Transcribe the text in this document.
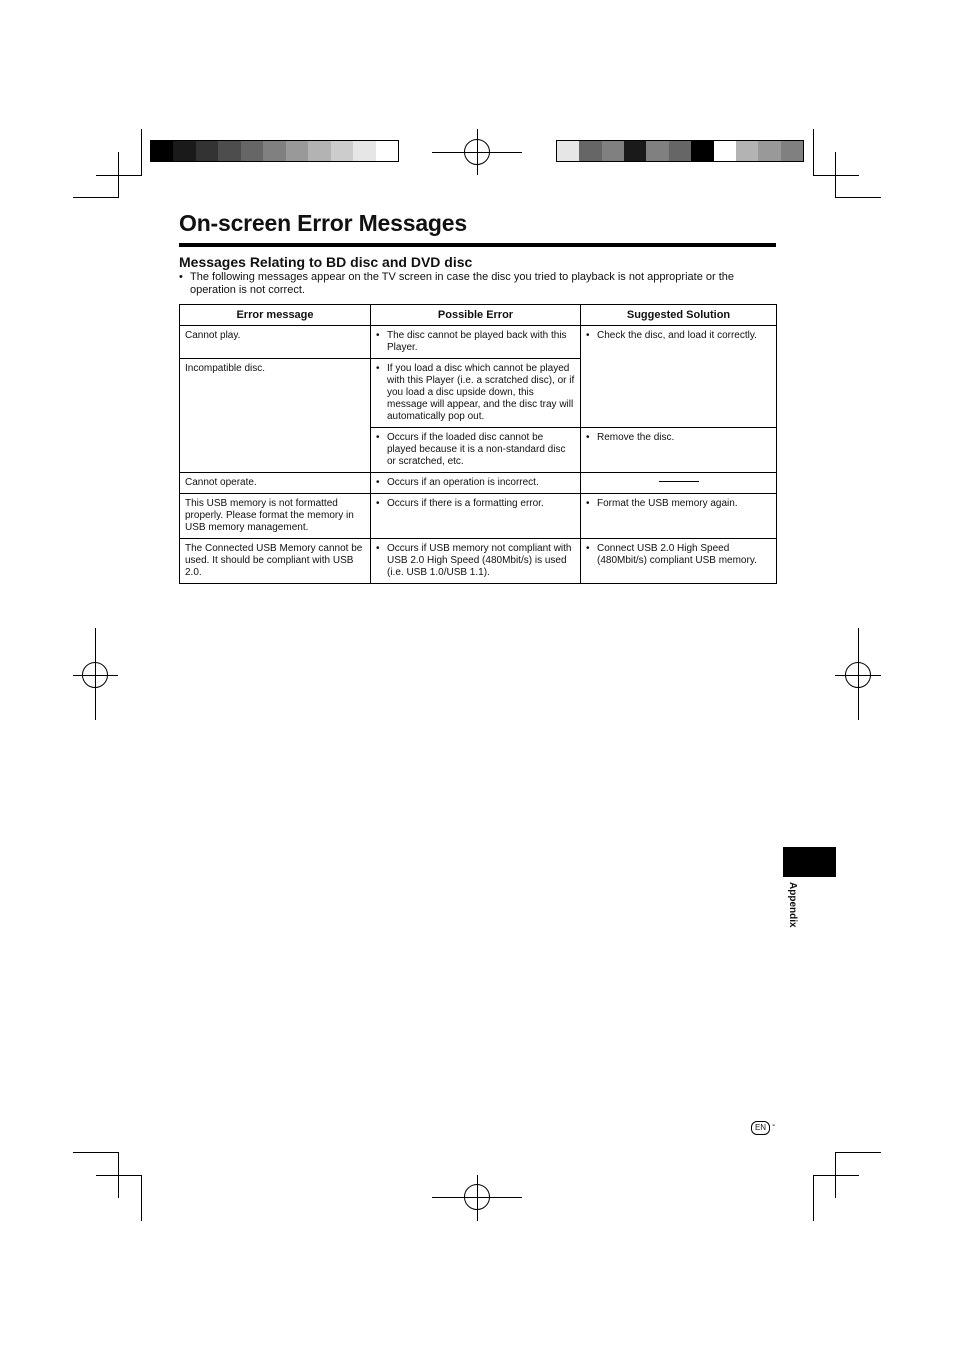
On-screen Error Messages
Messages Relating to BD disc and DVD disc
• The following messages appear on the TV screen in case the disc you tried to playback is not appropriate or the operation is not correct.
Error message	Possible Error	Suggested Solution
Cannot play.	• The disc cannot be played back with this Player.	• Check the disc, and load it correctly.

Incompatible disc.	• If you load a disc which cannot be played with this Player (i.e. a scratched disc), or if you load a disc upside down, this message will appear, and the disc tray will automatically pop out.	

	• Occurs if the loaded disc cannot be played because it is a non-standard disc or scratched, etc.	• Remove the disc.

Cannot operate.	• Occurs if an operation is incorrect.	

This USB memory is not formatted properly. Please format the memory in USB memory management.	• Occurs if there is a formatting error.	• Format the USB memory again.

The Connected USB Memory cannot be used. It should be compliant with USB 2.0.	• Occurs if USB memory not compliant with USB 2.0 High Speed (480Mbit/s) is used (i.e. USB 1.0/USB 1.1).	• Connect USB 2.0 High Speed (480Mbit/s) compliant USB memory.
Appendix
EN -
